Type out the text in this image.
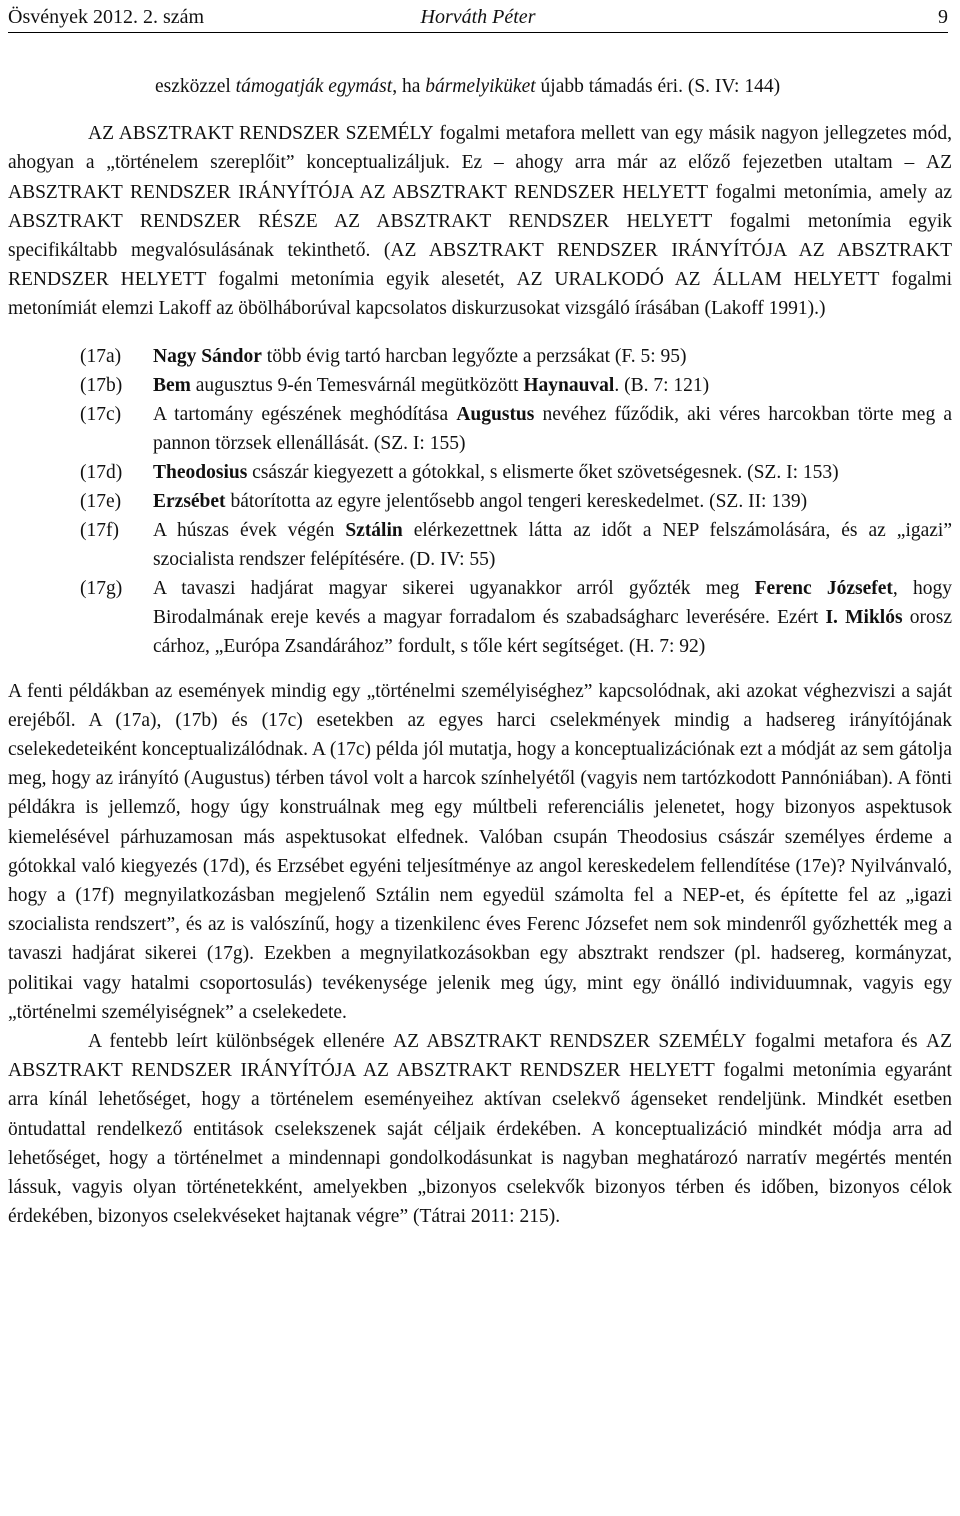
Ösvények 2012. 2. szám	Horváth Péter	9

eszközzel támogatják egymást, ha bármelyiküket újabb támadás éri. (S. IV: 144)

AZ ABSZTRAKT RENDSZER SZEMÉLY fogalmi metafora mellett van egy másik nagyon jellegzetes mód, ahogyan a „történelem szereplőit” konceptualizáljuk. Ez – ahogy arra már az előző fejezetben utaltam – AZ ABSZTRAKT RENDSZER IRÁNYÍTÓJA AZ ABSZTRAKT RENDSZER HELYETT fogalmi metonímia, amely az ABSZTRAKT RENDSZER RÉSZE AZ ABSZTRAKT RENDSZER HELYETT fogalmi metonímia egyik specifikáltabb megvalósulásának tekinthető. (AZ ABSZTRAKT RENDSZER IRÁNYÍTÓJA AZ ABSZTRAKT RENDSZER HELYETT fogalmi metonímia egyik alesetét, AZ URALKODÓ AZ ÁLLAM HELYETT fogalmi metonímiát elemzi Lakoff az öbölháborúval kapcsolatos diskurzusokat vizsgáló írásában (Lakoff 1991).)

(17a)	Nagy Sándor több évig tartó harcban legyőzte a perzsákat (F. 5: 95)
(17b)	Bem augusztus 9-én Temesvárnál megütközött Haynauval. (B. 7: 121)
(17c)	A tartomány egészének meghódítása Augustus nevéhez fűződik, aki véres harcokban törte meg a pannon törzsek ellenállását. (SZ. I: 155)
(17d)	Theodosius császár kiegyezett a gótokkal, s elismerte őket szövetségesnek. (SZ. I: 153)
(17e)	Erzsébet bátorította az egyre jelentősebb angol tengeri kereskedelmet. (SZ. II: 139)
(17f)	A húszas évek végén Sztálin elérkezettnek látta az időt a NEP felszámolására, és az „igazi” szocialista rendszer felépítésére. (D. IV: 55)
(17g)	A tavaszi hadjárat magyar sikerei ugyanakkor arról győzték meg Ferenc Józsefet, hogy Birodalmának ereje kevés a magyar forradalom és szabadságharc leverésére. Ezért I. Miklós orosz cárhoz, „Európa Zsandárához” fordult, s tőle kért segítséget. (H. 7: 92)

A fenti példákban az események mindig egy „történelmi személyiséghez” kapcsolódnak, aki azokat véghezviszi a saját erejéből. A (17a), (17b) és (17c) esetekben az egyes harci cselekmények mindig a hadsereg irányítójának cselekedeteiként konceptualizálódnak. A (17c) példa jól mutatja, hogy a konceptualizációnak ezt a módját az sem gátolja meg, hogy az irányító (Augustus) térben távol volt a harcok színhelyétől (vagyis nem tartózkodott Pannóniában). A fönti példákra is jellemző, hogy úgy konstruálnak meg egy múltbeli referenciális jelenetet, hogy bizonyos aspektusok kiemelésével párhuzamosan más aspektusokat elfednek. Valóban csupán Theodosius császár személyes érdeme a gótokkal való kiegyezés (17d), és Erzsébet egyéni teljesítménye az angol kereskedelem fellendítése (17e)? Nyilvánvaló, hogy a (17f) megnyilatkozásban megjelenő Sztálin nem egyedül számolta fel a NEP-et, és építette fel az „igazi szocialista rendszert”, és az is valószínű, hogy a tizenkilenc éves Ferenc Józsefet nem sok mindenről győzhették meg a tavaszi hadjárat sikerei (17g). Ezekben a megnyilatkozásokban egy absztrakt rendszer (pl. hadsereg, kormányzat, politikai vagy hatalmi csoportosulás) tevékenysége jelenik meg úgy, mint egy önálló individuumnak, vagyis egy „történelmi személyiségnek” a cselekedete.

A fentebb leírt különbségek ellenére AZ ABSZTRAKT RENDSZER SZEMÉLY fogalmi metafora és AZ ABSZTRAKT RENDSZER IRÁNYÍTÓJA AZ ABSZTRAKT RENDSZER HELYETT fogalmi metonímia egyaránt arra kínál lehetőséget, hogy a történelem eseményeihez aktívan cselekvő ágenseket rendeljünk. Mindkét esetben öntudattal rendelkező entitások cselekszenek saját céljaik érdekében. A konceptualizáció mindkét módja arra ad lehetőséget, hogy a történelmet a mindennapi gondolkodásunkat is nagyban meghatározó narratív megértés mentén lássuk, vagyis olyan történetekként, amelyekben „bizonyos cselekvők bizonyos térben és időben, bizonyos célok érdekében, bizonyos cselekvéseket hajtanak végre” (Tátrai 2011: 215).
